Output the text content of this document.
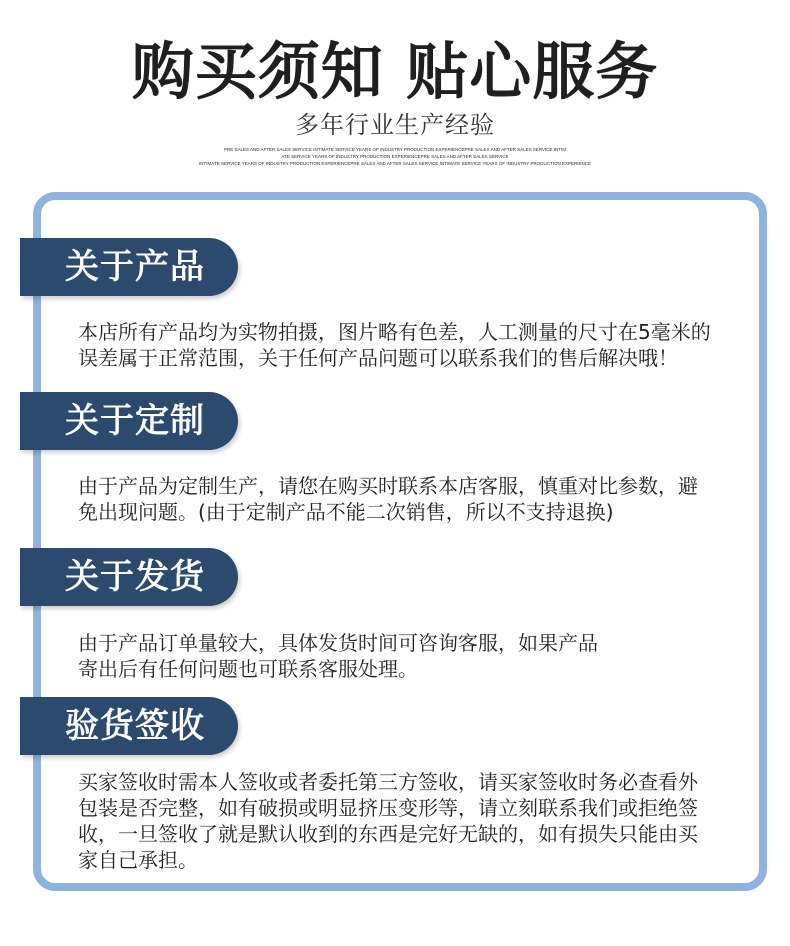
购买须知 贴心服务
多年行业生产经验
PRE SALES AND AFTER SALES SERVICE INTIMATE SERVICE YEARS OF INDUSTRY PRODUCTION EXPERIENCEPRE SALES AND AFTER SALES SERVICE INTIM
ATE SERVICE YEARS OF INDUSTRY PRODUCTION EXPERIENCEPRE SALES AND AFTER SALES SERVICE
INTIMATE SERVICE YEARS OF INDUSTRY PRODUCTION EXPERIENCEPRE SALES AND AFTER SALES SERVICE INTIMATE SERVICE YEARS OF INDUSTRY PRODUCTION EXPERIENCE
关于产品
本店所有产品均为实物拍摄，图片略有色差，人工测量的尺寸在5毫米的
误差属于正常范围，关于任何产品问题可以联系我们的售后解决哦！
关于定制
由于产品为定制生产，请您在购买时联系本店客服，慎重对比参数，避
免出现问题。(由于定制产品不能二次销售，所以不支持退换)
关于发货
由于产品订单量较大，具体发货时间可咨询客服，如果产品
寄出后有任何问题也可联系客服处理。
验货签收
买家签收时需本人签收或者委托第三方签收，请买家签收时务必查看外
包装是否完整，如有破损或明显挤压变形等，请立刻联系我们或拒绝签
收，一旦签收了就是默认收到的东西是完好无缺的，如有损失只能由买
家自己承担。
